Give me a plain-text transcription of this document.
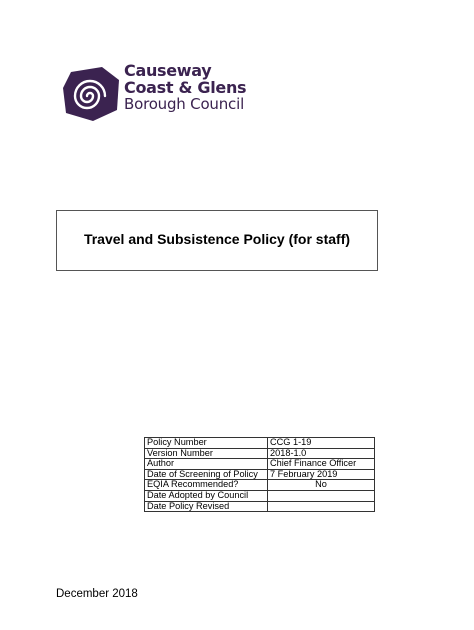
Causeway
Coast & Glens
Borough Council
Travel and Subsistence Policy (for staff)
Policy Number	CCG 1-19
Version Number	2018-1.0
Author	Chief Finance Officer
Date of Screening of Policy	7 February 2019
EQIA Recommended?	No
Date Adopted by Council	
Date Policy Revised	
December 2018
